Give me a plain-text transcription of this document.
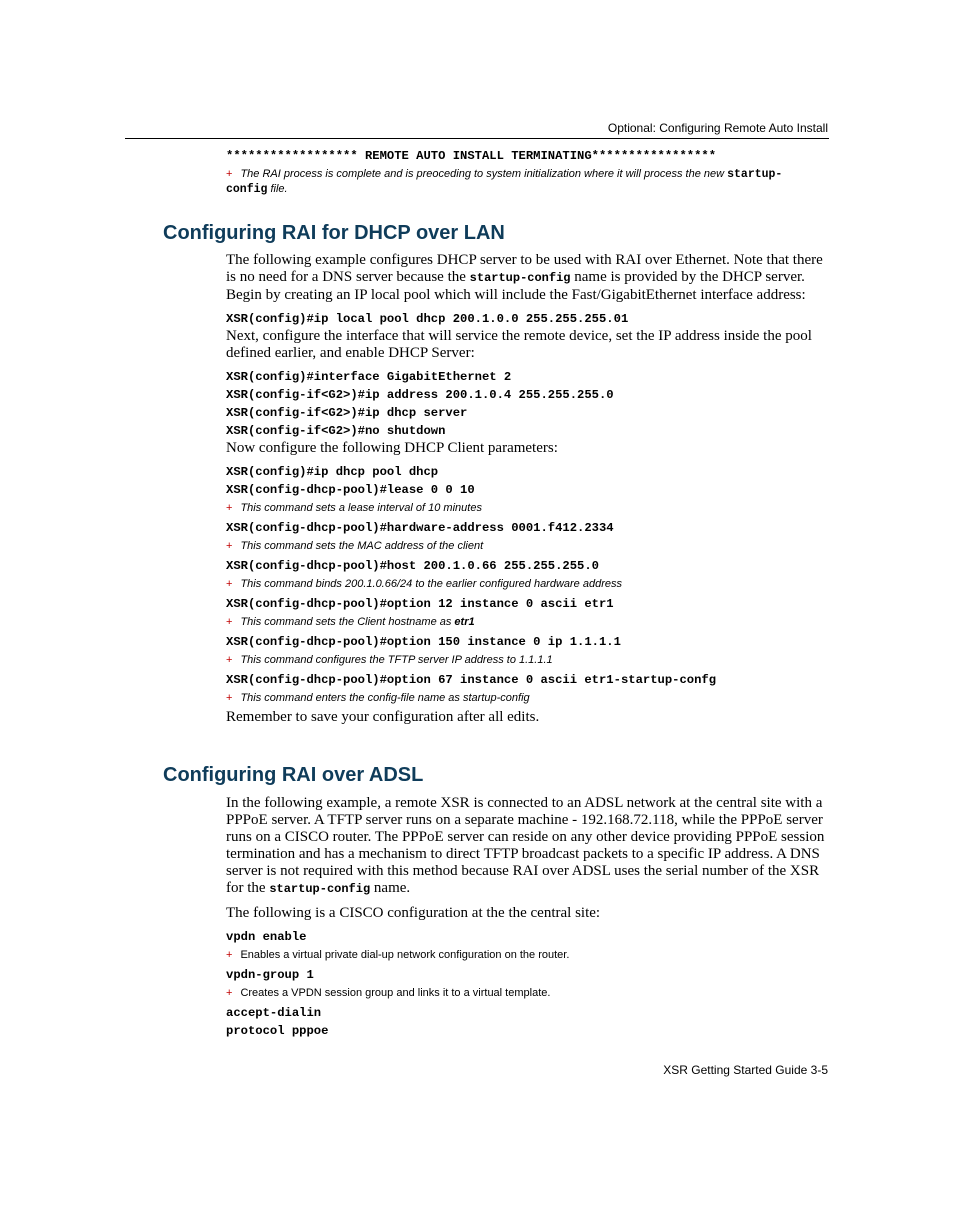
Optional: Configuring Remote Auto Install
****************** REMOTE AUTO INSTALL TERMINATING*****************

+ The RAI process is complete and is preoceding to system initialization where it will process the new startup-
config file.

Configuring RAI for DHCP over LAN

The following example configures DHCP server to be used with RAI over Ethernet. Note that there is no need for a DNS server because the startup-config name is provided by the DHCP server. Begin by creating an IP local pool which will include the Fast/GigabitEthernet interface address:

XSR(config)#ip local pool dhcp 200.1.0.0 255.255.255.01

Next, configure the interface that will service the remote device, set the IP address inside the pool defined earlier, and enable DHCP Server:

XSR(config)#interface GigabitEthernet 2
XSR(config-if<G2>)#ip address 200.1.0.4 255.255.255.0
XSR(config-if<G2>)#ip dhcp server
XSR(config-if<G2>)#no shutdown

Now configure the following DHCP Client parameters:

XSR(config)#ip dhcp pool dhcp
XSR(config-dhcp-pool)#lease 0 0 10

+ This command sets a lease interval of 10 minutes

XSR(config-dhcp-pool)#hardware-address 0001.f412.2334

+ This command sets the MAC address of the client

XSR(config-dhcp-pool)#host 200.1.0.66 255.255.255.0

+ This command binds 200.1.0.66/24 to the earlier configured hardware address

XSR(config-dhcp-pool)#option 12 instance 0 ascii etr1

+ This command sets the Client hostname as etr1

XSR(config-dhcp-pool)#option 150 instance 0 ip 1.1.1.1

+ This command configures the TFTP server IP address to 1.1.1.1

XSR(config-dhcp-pool)#option 67 instance 0 ascii etr1-startup-confg

+ This command enters the config-file name as startup-config

Remember to save your configuration after all edits.

Configuring RAI over ADSL

In the following example, a remote XSR is connected to an ADSL network at the central site with a PPPoE server. A TFTP server runs on a separate machine - 192.168.72.118, while the PPPoE server runs on a CISCO router. The PPPoE server can reside on any other device providing PPPoE session termination and has a mechanism to direct TFTP broadcast packets to a specific IP address. A DNS server is not required with this method because RAI over ADSL uses the serial number of the XSR for the startup-config name.

The following is a CISCO configuration at the the central site:

vpdn enable

+ Enables a virtual private dial-up network configuration on the router.

vpdn-group 1

+ Creates a VPDN session group and links it to a virtual template.

accept-dialin
protocol pppoe
XSR Getting Started Guide 3-5
